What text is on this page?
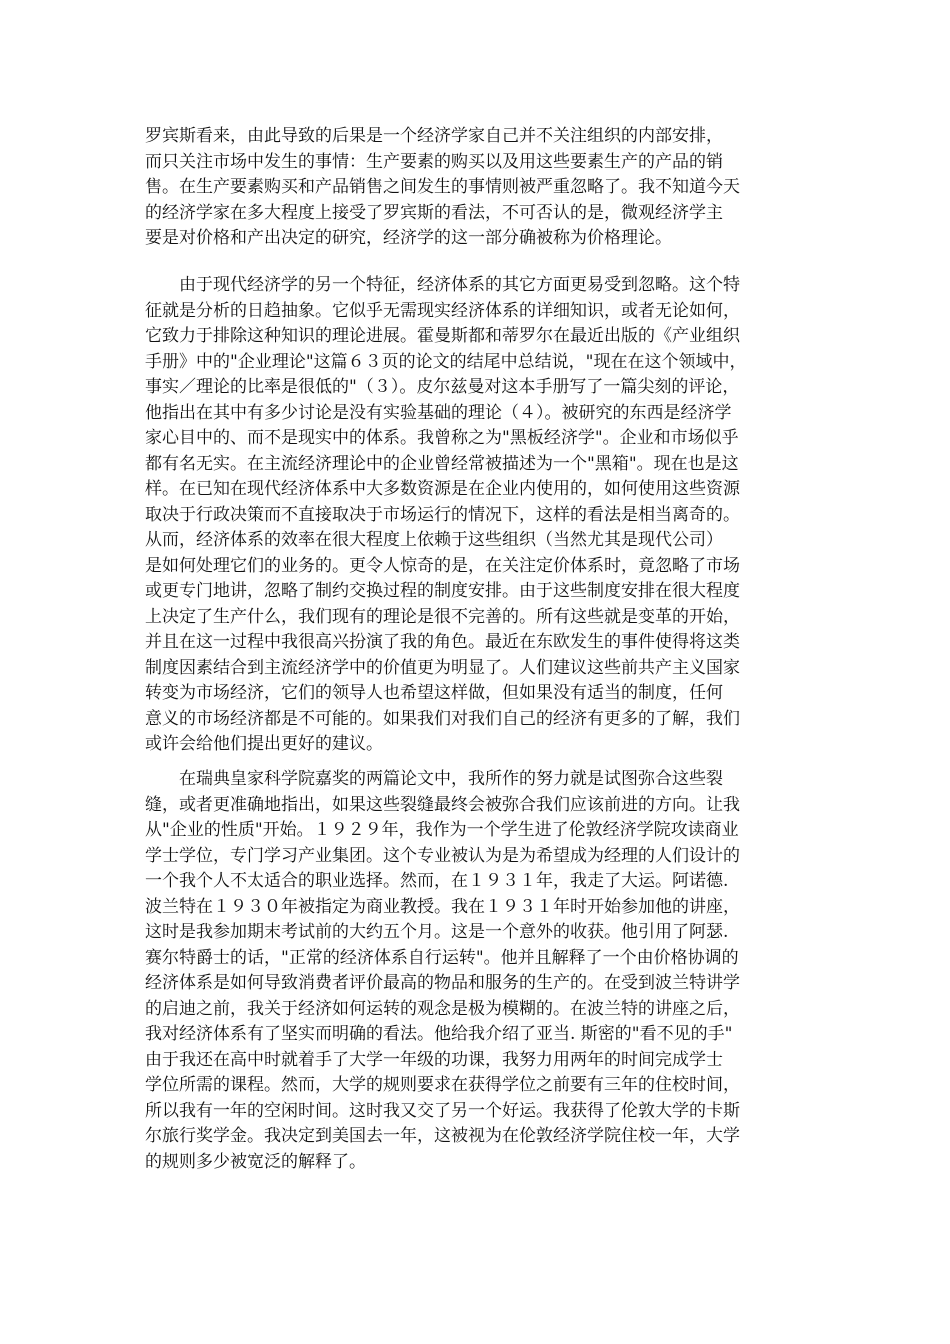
罗宾斯看来，由此导致的后果是一个经济学家自己并不关注组织的内部安排，
而只关注市场中发生的事情：生产要素的购买以及用这些要素生产的产品的销
售。在生产要素购买和产品销售之间发生的事情则被严重忽略了。我不知道今天
的经济学家在多大程度上接受了罗宾斯的看法，不可否认的是，微观经济学主
要是对价格和产出决定的研究，经济学的这一部分确被称为价格理论。
　　由于现代经济学的另一个特征，经济体系的其它方面更易受到忽略。这个特
征就是分析的日趋抽象。它似乎无需现实经济体系的详细知识，或者无论如何，
它致力于排除这种知识的理论进展。霍曼斯都和蒂罗尔在最近出版的《产业组织
手册》中的"企业理论"这篇６３页的论文的结尾中总结说，"现在在这个领域中，
事实／理论的比率是很低的"（３）。皮尔兹曼对这本手册写了一篇尖刻的评论，
他指出在其中有多少讨论是没有实验基础的理论（４）。被研究的东西是经济学
家心目中的、而不是现实中的体系。我曾称之为"黑板经济学"。企业和市场似乎
都有名无实。在主流经济理论中的企业曾经常被描述为一个"黑箱"。现在也是这
样。在已知在现代经济体系中大多数资源是在企业内使用的，如何使用这些资源
取决于行政决策而不直接取决于市场运行的情况下，这样的看法是相当离奇的。
从而，经济体系的效率在很大程度上依赖于这些组织（当然尤其是现代公司）
是如何处理它们的业务的。更令人惊奇的是，在关注定价体系时，竟忽略了市场
或更专门地讲，忽略了制约交换过程的制度安排。由于这些制度安排在很大程度
上决定了生产什么，我们现有的理论是很不完善的。所有这些就是变革的开始，
并且在这一过程中我很高兴扮演了我的角色。最近在东欧发生的事件使得将这类
制度因素结合到主流经济学中的价值更为明显了。人们建议这些前共产主义国家
转变为市场经济，它们的领导人也希望这样做，但如果没有适当的制度，任何
意义的市场经济都是不可能的。如果我们对我们自己的经济有更多的了解，我们
或许会给他们提出更好的建议。
　　在瑞典皇家科学院嘉奖的两篇论文中，我所作的努力就是试图弥合这些裂
缝，或者更准确地指出，如果这些裂缝最终会被弥合我们应该前进的方向。让我
从"企业的性质"开始。１９２９年，我作为一个学生进了伦敦经济学院攻读商业
学士学位，专门学习产业集团。这个专业被认为是为希望成为经理的人们设计的
一个我个人不太适合的职业选择。然而，在１９３１年，我走了大运。阿诺德.
波兰特在１９３０年被指定为商业教授。我在１９３１年时开始参加他的讲座，
这时是我参加期末考试前的大约五个月。这是一个意外的收获。他引用了阿瑟.
赛尔特爵士的话，"正常的经济体系自行运转"。他并且解释了一个由价格协调的
经济体系是如何导致消费者评价最高的物品和服务的生产的。在受到波兰特讲学
的启迪之前，我关于经济如何运转的观念是极为模糊的。在波兰特的讲座之后，
我对经济体系有了坚实而明确的看法。他给我介绍了亚当. 斯密的"看不见的手"
由于我还在高中时就着手了大学一年级的功课，我努力用两年的时间完成学士
学位所需的课程。然而，大学的规则要求在获得学位之前要有三年的住校时间，
所以我有一年的空闲时间。这时我又交了另一个好运。我获得了伦敦大学的卡斯
尔旅行奖学金。我决定到美国去一年，这被视为在伦敦经济学院住校一年，大学
的规则多少被宽泛的解释了。
